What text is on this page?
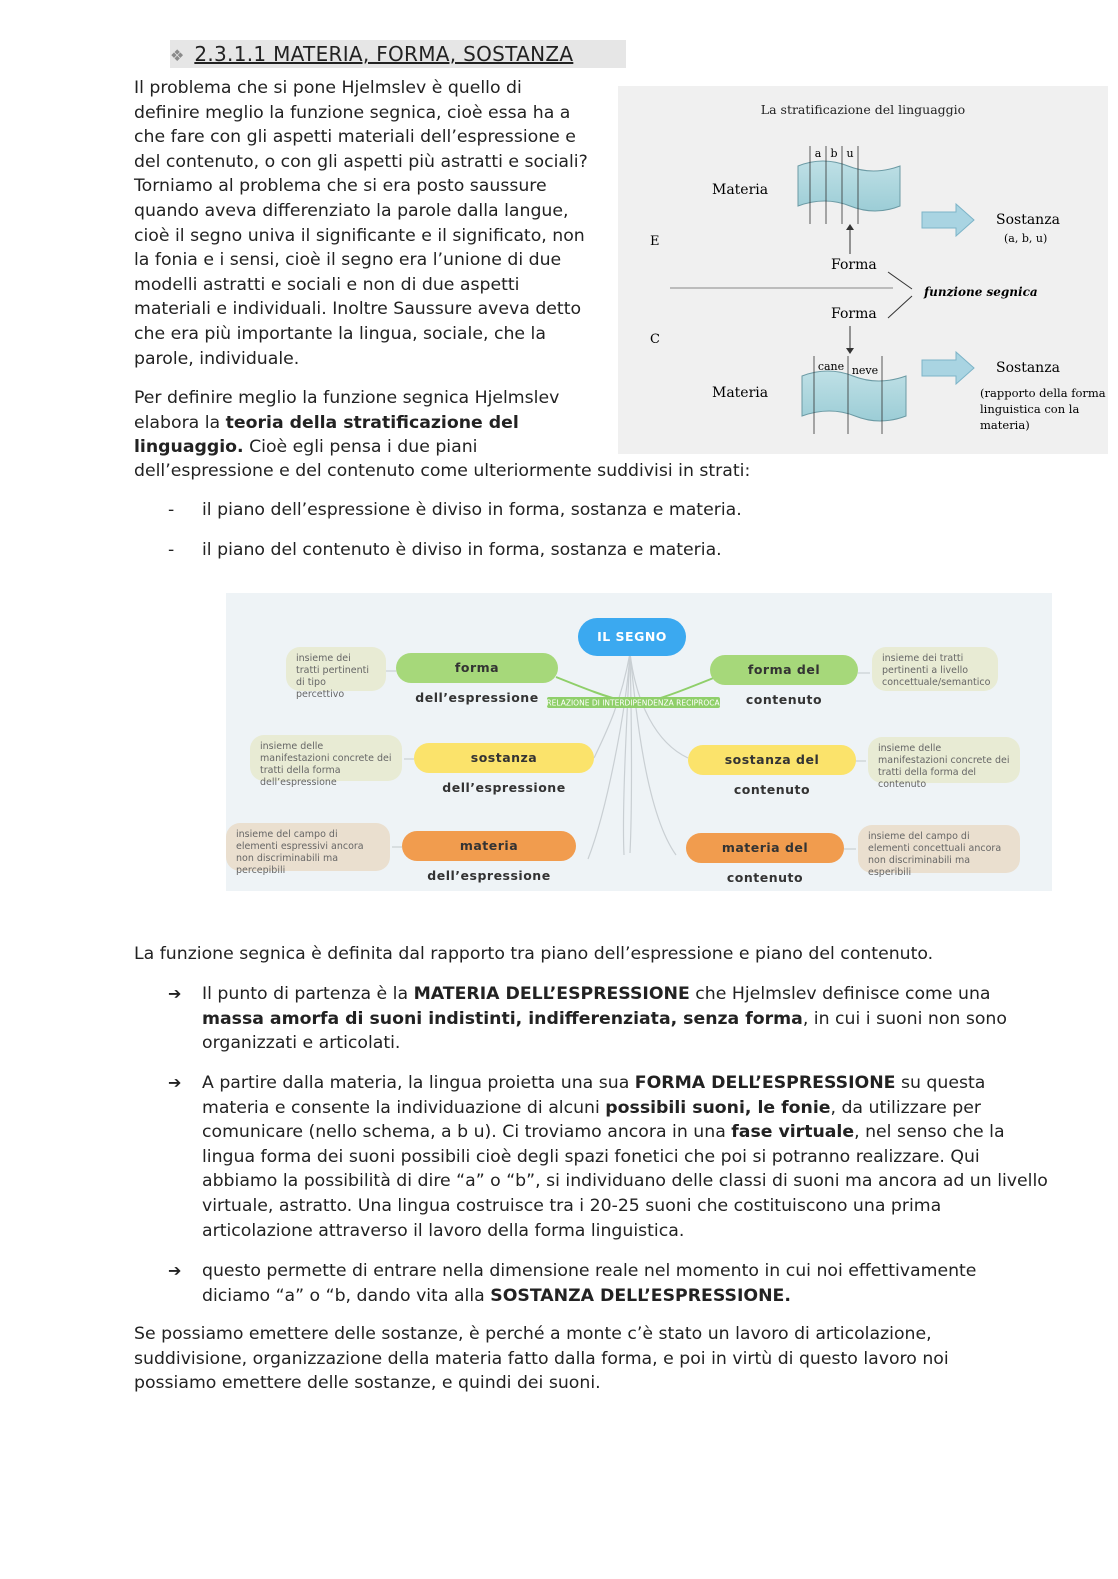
❖ 2.3.1.1 MATERIA, FORMA, SOSTANZA
Il problema che si pone Hjelmslev è quello di
definire meglio la funzione segnica, cioè essa ha a
che fare con gli aspetti materiali dell’espressione e
del contenuto, o con gli aspetti più astratti e sociali?
Torniamo al problema che si era posto saussure
quando aveva differenziato la parole dalla langue,
cioè il segno univa il significante e il significato, non
la fonia e i sensi, cioè il segno era l’unione di due
modelli astratti e sociali e non di due aspetti
materiali e individuali. Inoltre Saussure aveva detto
che era più importante la lingua, sociale, che la
parole, individuale.
Per definire meglio la funzione segnica Hjelmslev
elabora la teoria della stratificazione del
linguaggio. Cioè egli pensa i due piani
dell’espressione e del contenuto come ulteriormente suddivisi in strati:
- il piano dell’espressione è diviso in forma, sostanza e materia.
- il piano del contenuto è diviso in forma, sostanza e materia.
La stratificazione del linguaggio
a b u
Materia
E
C
Sostanza
(a, b, u)
Forma
funzione segnica
Forma
cane neve
Materia
Sostanza
(rapporto della forma
linguistica con la
materia)
RELAZIONE DI INTERDIPENDENZA RECIPROCA
IL SEGNO
forma dell’espressione
forma del contenuto
sostanza dell’espressione
sostanza del contenuto
materia dell’espressione
materia del contenuto
insieme dei tratti pertinenti di tipo percettivo
insieme dei tratti pertinenti a livello concettuale/semantico
insieme delle manifestazioni concrete dei tratti della forma dell’espressione
insieme delle manifestazioni concrete dei tratti della forma del contenuto
insieme del campo di elementi espressivi ancora non discriminabili ma percepibili
insieme del campo di elementi concettuali ancora non discriminabili ma esperibili
La funzione segnica è definita dal rapporto tra piano dell’espressione e piano del contenuto.
➔ Il punto di partenza è la MATERIA DELL’ESPRESSIONE che Hjelmslev definisce come una massa amorfa di suoni indistinti, indifferenziata, senza forma, in cui i suoni non sono organizzati e articolati.
➔ A partire dalla materia, la lingua proietta una sua FORMA DELL’ESPRESSIONE su questa materia e consente la individuazione di alcuni possibili suoni, le fonie, da utilizzare per comunicare (nello schema, a b u). Ci troviamo ancora in una fase virtuale, nel senso che la lingua forma dei suoni possibili cioè degli spazi fonetici che poi si potranno realizzare. Qui abbiamo la possibilità di dire “a” o “b”, si individuano delle classi di suoni ma ancora ad un livello virtuale, astratto. Una lingua costruisce tra i 20-25 suoni che costituiscono una prima articolazione attraverso il lavoro della forma linguistica.
➔ questo permette di entrare nella dimensione reale nel momento in cui noi effettivamente diciamo “a” o “b, dando vita alla SOSTANZA DELL’ESPRESSIONE.
Se possiamo emettere delle sostanze, è perché a monte c’è stato un lavoro di articolazione, suddivisione, organizzazione della materia fatto dalla forma, e poi in virtù di questo lavoro noi possiamo emettere delle sostanze, e quindi dei suoni.
